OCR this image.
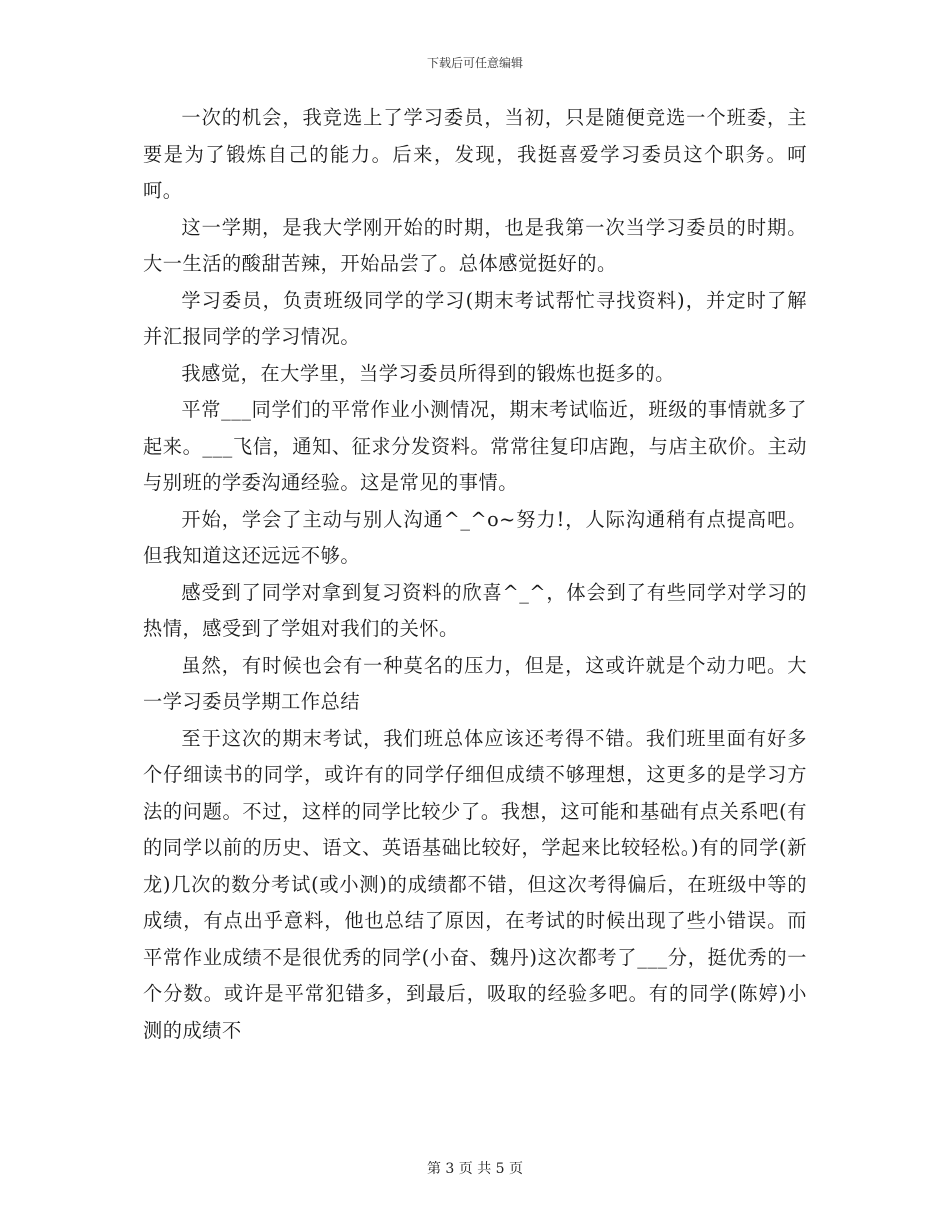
下载后可任意编辑

一次的机会，我竞选上了学习委员，当初，只是随便竞选一个班委，主要是为了锻炼自己的能力。后来，发现，我挺喜爱学习委员这个职务。呵呵。

这一学期，是我大学刚开始的时期，也是我第一次当学习委员的时期。大一生活的酸甜苦辣，开始品尝了。总体感觉挺好的。

学习委员，负责班级同学的学习(期末考试帮忙寻找资料)，并定时了解并汇报同学的学习情况。

我感觉，在大学里，当学习委员所得到的锻炼也挺多的。

平常___同学们的平常作业小测情况，期末考试临近，班级的事情就多了起来。___飞信，通知、征求分发资料。常常往复印店跑，与店主砍价。主动与别班的学委沟通经验。这是常见的事情。

开始，学会了主动与别人沟通^_^o~努力!，人际沟通稍有点提高吧。但我知道这还远远不够。

感受到了同学对拿到复习资料的欣喜^_^，体会到了有些同学对学习的热情，感受到了学姐对我们的关怀。

虽然，有时候也会有一种莫名的压力，但是，这或许就是个动力吧。大一学习委员学期工作总结

至于这次的期末考试，我们班总体应该还考得不错。我们班里面有好多个仔细读书的同学，或许有的同学仔细但成绩不够理想，这更多的是学习方法的问题。不过，这样的同学比较少了。我想，这可能和基础有点关系吧(有的同学以前的历史、语文、英语基础比较好，学起来比较轻松。)有的同学(新龙)几次的数分考试(或小测)的成绩都不错，但这次考得偏后，在班级中等的成绩，有点出乎意料，他也总结了原因，在考试的时候出现了些小错误。而平常作业成绩不是很优秀的同学(小奋、魏丹)这次都考了___分，挺优秀的一个分数。或许是平常犯错多，到最后，吸取的经验多吧。有的同学(陈婷)小测的成绩不

第 3 页 共 5 页
